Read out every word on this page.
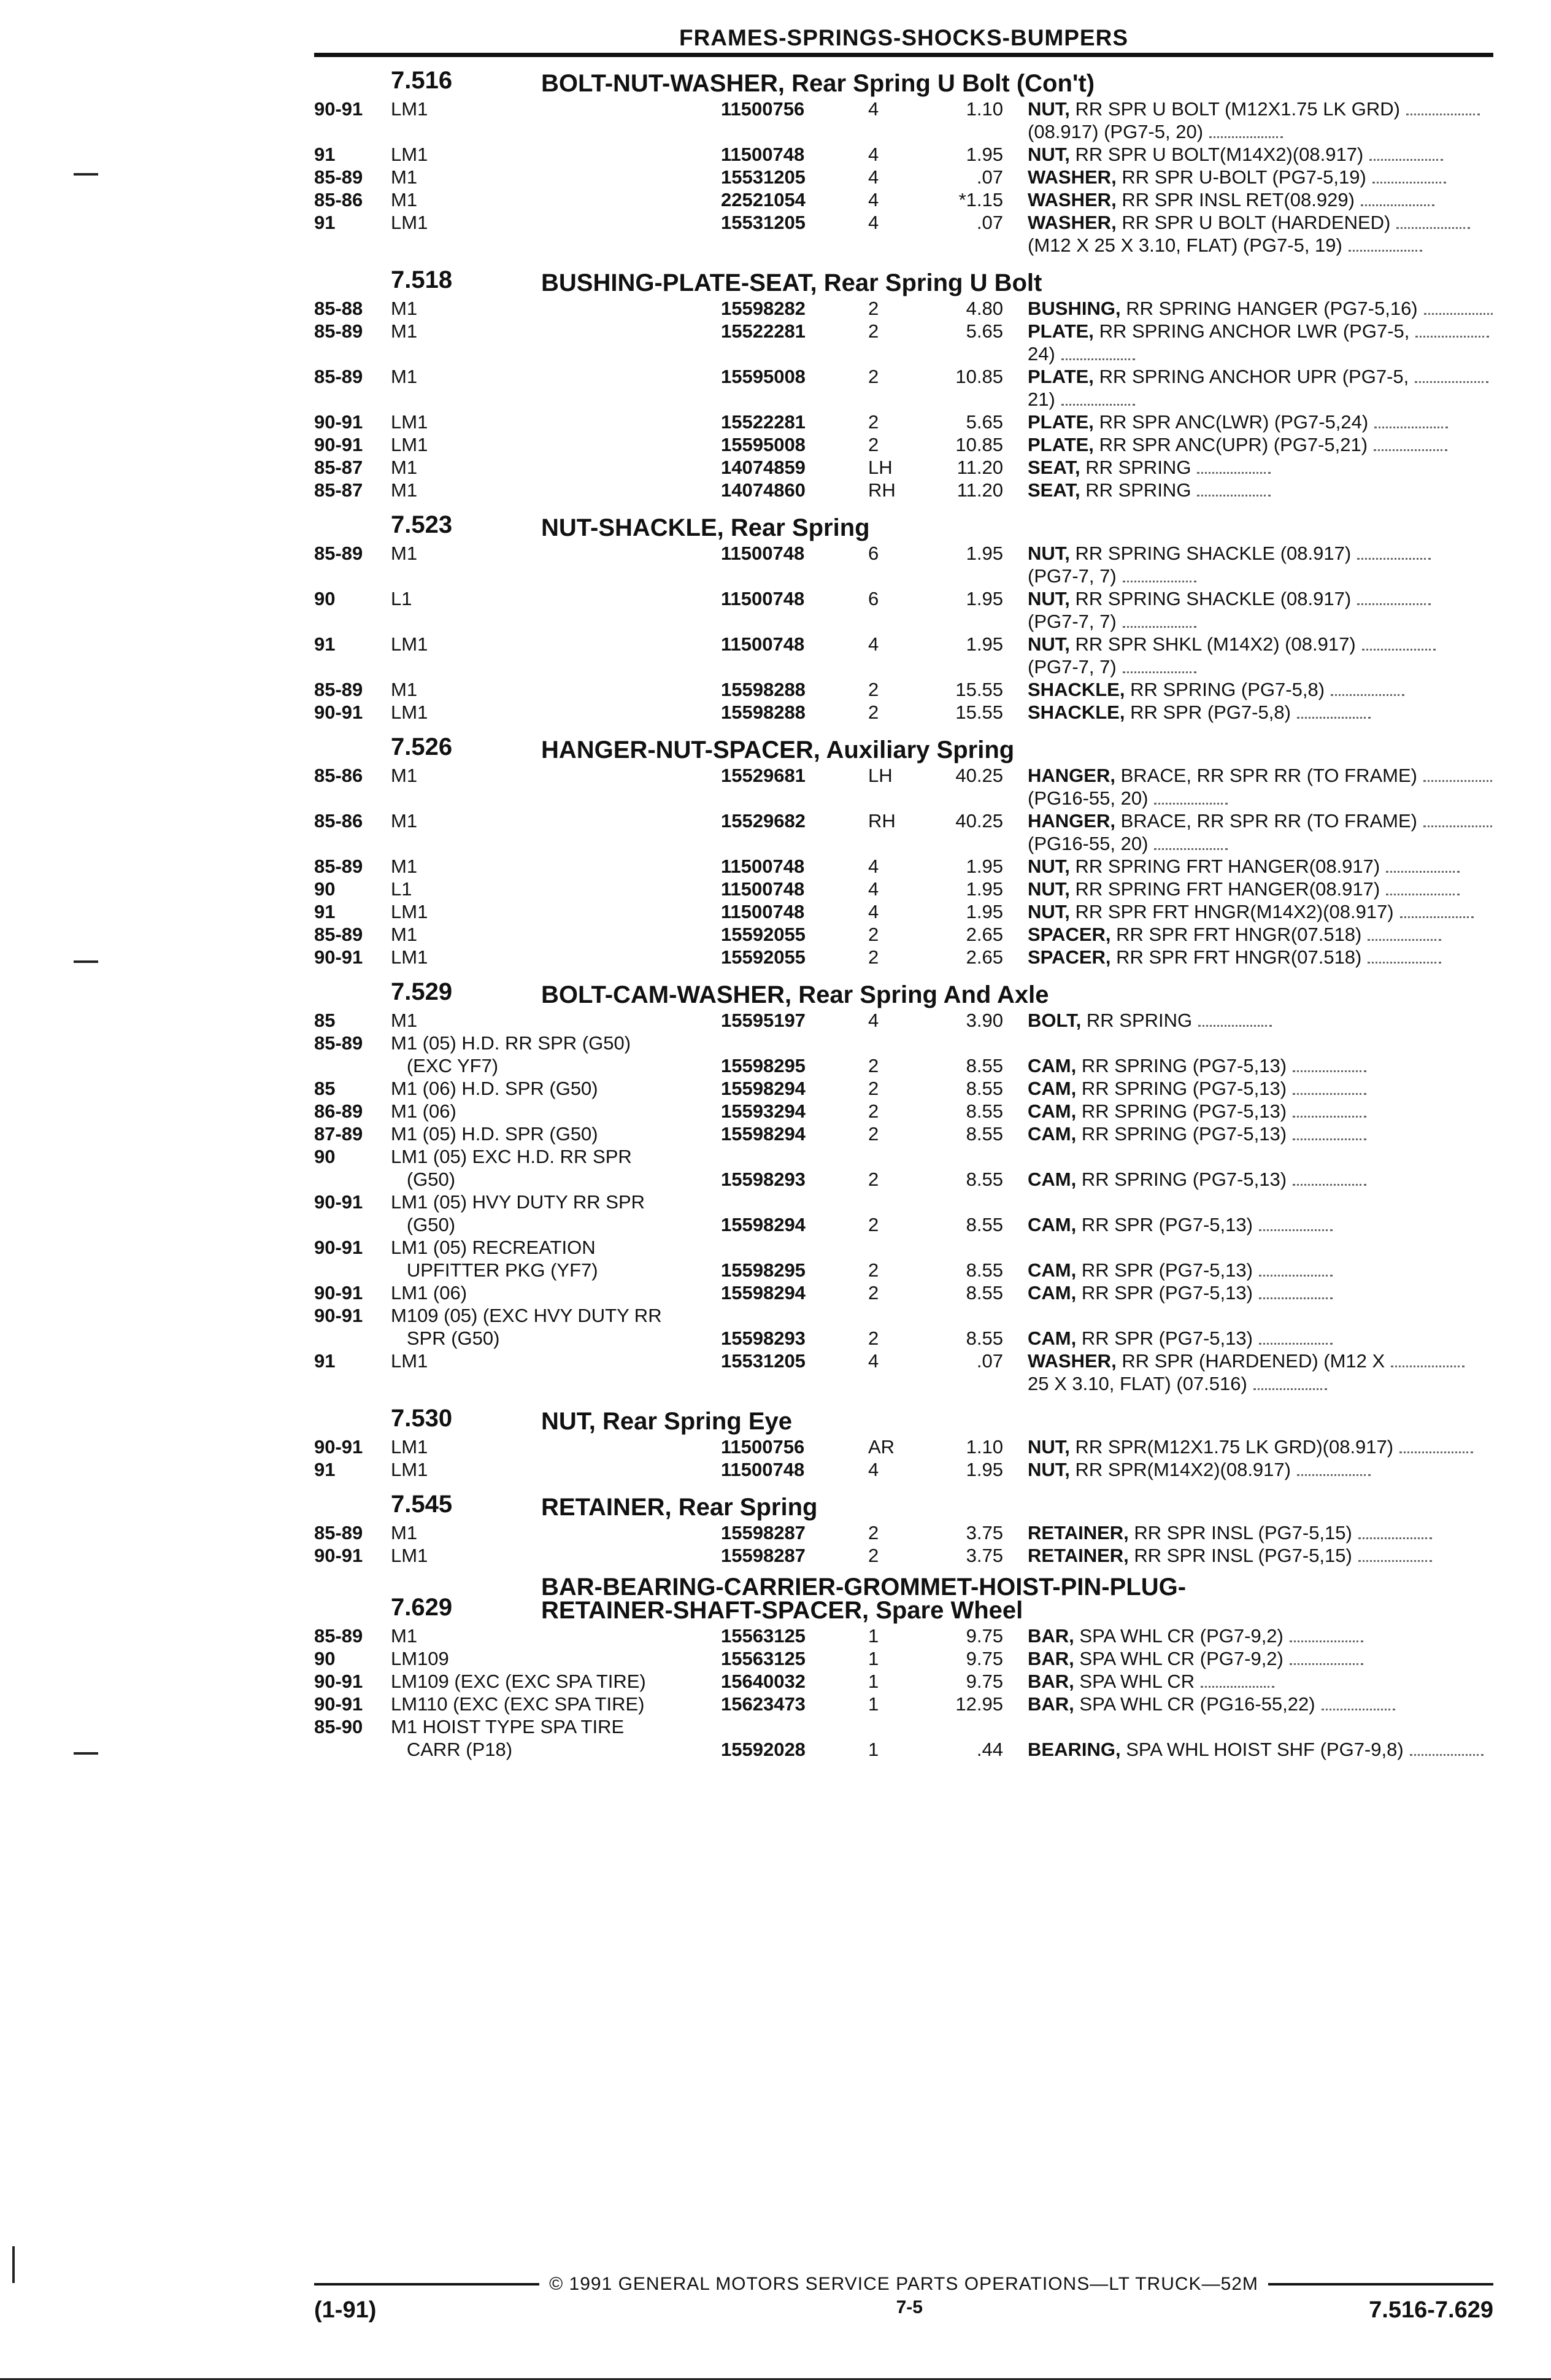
FRAMES-SPRINGS-SHOCKS-BUMPERS
7.516	BOLT-NUT-WASHER, Rear Spring U Bolt (Con't)
90-91	LM1	11500756	4	1.10 NUT, RR SPR U BOLT (M12X1.75 LK GRD)
(08.917) (PG7-5, 20)
91	LM1	11500748	4	1.95 NUT, RR SPR U BOLT(M14X2)(08.917)
85-89	M1	15531205	4	.07 WASHER, RR SPR U-BOLT (PG7-5,19)
85-86	M1	22521054	4	*1.15 WASHER, RR SPR INSL RET(08.929)
91	LM1	15531205	4	.07 WASHER, RR SPR U BOLT (HARDENED)
(M12 X 25 X 3.10, FLAT) (PG7-5, 19)
7.518	BUSHING-PLATE-SEAT, Rear Spring U Bolt
85-88	M1	15598282	2	4.80 BUSHING, RR SPRING HANGER (PG7-5,16)
85-89	M1	15522281	2	5.65 PLATE, RR SPRING ANCHOR LWR (PG7-5,
24)
85-89	M1	15595008	2	10.85 PLATE, RR SPRING ANCHOR UPR (PG7-5,
21)
90-91	LM1	15522281	2	5.65 PLATE, RR SPR ANC(LWR) (PG7-5,24)
90-91	LM1	15595008	2	10.85 PLATE, RR SPR ANC(UPR) (PG7-5,21)
85-87	M1	14074859	LH	11.20 SEAT, RR SPRING
85-87	M1	14074860	RH	11.20 SEAT, RR SPRING
7.523	NUT-SHACKLE, Rear Spring
85-89	M1	11500748	6	1.95 NUT, RR SPRING SHACKLE (08.917)
(PG7-7, 7)
90	L1	11500748	6	1.95 NUT, RR SPRING SHACKLE (08.917)
(PG7-7, 7)
91	LM1	11500748	4	1.95 NUT, RR SPR SHKL (M14X2) (08.917)
(PG7-7, 7)
85-89	M1	15598288	2	15.55 SHACKLE, RR SPRING (PG7-5,8)
90-91	LM1	15598288	2	15.55 SHACKLE, RR SPR (PG7-5,8)
7.526	HANGER-NUT-SPACER, Auxiliary Spring
85-86	M1	15529681	LH	40.25 HANGER, BRACE, RR SPR RR (TO FRAME)
(PG16-55, 20)
85-86	M1	15529682	RH	40.25 HANGER, BRACE, RR SPR RR (TO FRAME)
(PG16-55, 20)
85-89	M1	11500748	4	1.95 NUT, RR SPRING FRT HANGER(08.917)
90	L1	11500748	4	1.95 NUT, RR SPRING FRT HANGER(08.917)
91	LM1	11500748	4	1.95 NUT, RR SPR FRT HNGR(M14X2)(08.917)
85-89	M1	15592055	2	2.65 SPACER, RR SPR FRT HNGR(07.518)
90-91	LM1	15592055	2	2.65 SPACER, RR SPR FRT HNGR(07.518)
7.529	BOLT-CAM-WASHER, Rear Spring And Axle
85	M1	15595197	4	3.90 BOLT, RR SPRING
85-89	M1 (05) H.D. RR SPR (G50)
(EXC YF7)	15598295	2	8.55 CAM, RR SPRING (PG7-5,13)
85	M1 (06) H.D. SPR (G50)	15598294	2	8.55 CAM, RR SPRING (PG7-5,13)
86-89	M1 (06)	15593294	2	8.55 CAM, RR SPRING (PG7-5,13)
87-89	M1 (05) H.D. SPR (G50)	15598294	2	8.55 CAM, RR SPRING (PG7-5,13)
90	LM1 (05) EXC H.D. RR SPR
(G50)	15598293	2	8.55 CAM, RR SPRING (PG7-5,13)
90-91	LM1 (05) HVY DUTY RR SPR
(G50)	15598294	2	8.55 CAM, RR SPR (PG7-5,13)
90-91	LM1 (05) RECREATION
UPFITTER PKG (YF7)	15598295	2	8.55 CAM, RR SPR (PG7-5,13)
90-91	LM1 (06)	15598294	2	8.55 CAM, RR SPR (PG7-5,13)
90-91	M109 (05) (EXC HVY DUTY RR
SPR (G50)	15598293	2	8.55 CAM, RR SPR (PG7-5,13)
91	LM1	15531205	4	.07 WASHER, RR SPR (HARDENED) (M12 X
25 X 3.10, FLAT) (07.516)
7.530	NUT, Rear Spring Eye
90-91	LM1	11500756	AR	1.10 NUT, RR SPR(M12X1.75 LK GRD)(08.917)
91	LM1	11500748	4	1.95 NUT, RR SPR(M14X2)(08.917)
7.545	RETAINER, Rear Spring
85-89	M1	15598287	2	3.75 RETAINER, RR SPR INSL (PG7-5,15)
90-91	LM1	15598287	2	3.75 RETAINER, RR SPR INSL (PG7-5,15)
7.629
BAR-BEARING-CARRIER-GROMMET-HOIST-PIN-PLUG-
RETAINER-SHAFT-SPACER, Spare Wheel
85-89	M1	15563125	1	9.75 BAR, SPA WHL CR (PG7-9,2)
90	LM109	15563125	1	9.75 BAR, SPA WHL CR (PG7-9,2)
90-91	LM109 (EXC (EXC SPA TIRE)	15640032	1	9.75 BAR, SPA WHL CR
90-91	LM110 (EXC (EXC SPA TIRE)	15623473	1	12.95 BAR, SPA WHL CR (PG16-55,22)
85-90	M1 HOIST TYPE SPA TIRE
CARR (P18)	15592028	1	.44 BEARING, SPA WHL HOIST SHF (PG7-9,8)
© 1991 GENERAL MOTORS SERVICE PARTS OPERATIONS—LT TRUCK—52M
(1-91)	7-5	7.516-7.629
